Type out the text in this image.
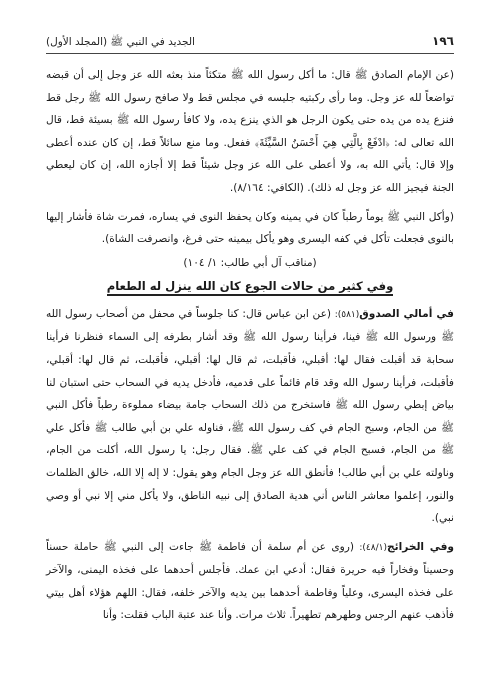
١٩٦
الجديد في النبي ﷺ (المجلد الأول)

(عن الإمام الصادق ﷺ قال: ما أكل رسول الله ﷺ متكئاً منذ بعثه الله عز وجل إلى أن قبضه تواضعاً لله عز وجل. وما رأى ركبتيه جليسه في مجلس قط ولا صافح رسول الله ﷺ رجل قط فنزع يده من يده حتى يكون الرجل هو الذي ينزع يده، ولا كافأ رسول الله ﷺ بسيئة قط، قال الله تعالى له: ﴿ادْفَعْ بِالَّتِي هِيَ أَحْسَنُ السَّيِّئَةَ﴾ ففعل. وما منع سائلاً قط، إن كان عنده أعطى وإلا قال: يأتي الله به، ولا أعطى على الله عز وجل شيئاً قط إلا أجازه الله، إن كان ليعطي الجنة فيجيز الله عز وجل له ذلك). (الكافي: ٨/١٦٤).

(وأكل النبي ﷺ يوماً رطباً كان في يمينه وكان يحفظ النوى في يساره، فمرت شاة فأشار إليها بالنوى فجعلت تأكل في كفه اليسرى وهو يأكل بيمينه حتى فرغ، وانصرفت الشاة).

(مناقب آل أبي طالب: ١/ ١٠٤)
وفي كثير من حالات الجوع كان الله ينزل له الطعام

في أمالي الصدوق(٥٨١): (عن ابن عباس قال: كنا جلوساً في محفل من أصحاب رسول الله ﷺ ورسول الله ﷺ فينا، فرأينا رسول الله ﷺ وقد أشار بطرفه إلى السماء فنظرنا فرأينا سحابة قد أقبلت فقال لها: أقبلي، فأقبلت، ثم قال لها: أقبلي، فأقبلت، ثم قال لها: أقبلي، فأقبلت، فرأينا رسول الله وقد قام قائماً على قدميه، فأدخل يديه في السحاب حتى استبان لنا بياض إبطي رسول الله ﷺ فاستخرج من ذلك السحاب جامة بيضاء مملوءة رطباً فأكل النبي ﷺ من الجام، وسبح الجام في كف رسول الله ﷺ، فناوله علي بن أبي طالب ﷺ فأكل علي ﷺ من الجام، فسبح الجام في كف علي ﷺ. فقال رجل: يا رسول الله، أكلت من الجام، وناولته علي بن أبي طالب! فأنطق الله عز وجل الجام وهو يقول: لا إله إلا الله، خالق الظلمات والنور، إعلموا معاشر الناس أني هدية الصادق إلى نبيه الناطق، ولا يأكل مني إلا نبي أو وصي نبي).

وفي الخرائج(٤٨/١): (روى عن أم سلمة أن فاطمة ﷺ جاءت إلى النبي ﷺ حاملة حسناً وحسيناً وفخاراً فيه حريرة فقال: أدعي ابن عمك. فأجلس أحدهما على فخذه اليمنى، والآخر على فخذه اليسرى، وعلياً وفاطمة أحدهما بين يديه والآخر خلفه، فقال: اللهم هؤلاء أهل بيتي فأذهب عنهم الرجس وطهرهم تطهيراً. ثلاث مرات. وأنا عند عتبة الباب فقلت: وأنا
